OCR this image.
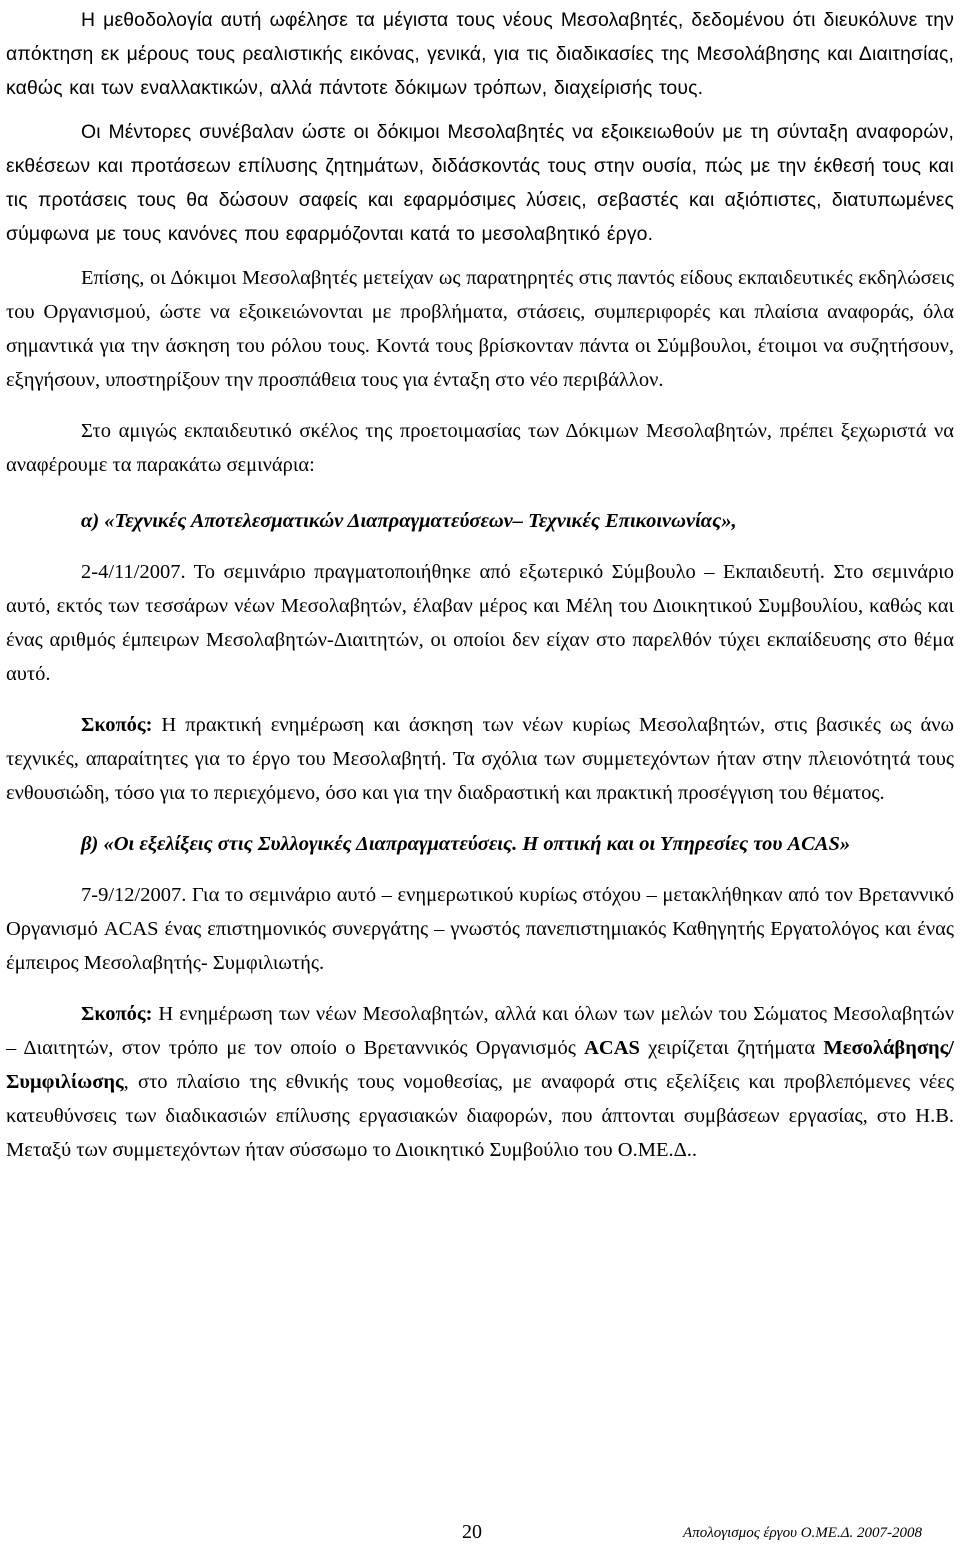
Η μεθοδολογία αυτή ωφέλησε τα μέγιστα τους νέους Μεσολαβητές, δεδομένου ότι διευκόλυνε την απόκτηση εκ μέρους τους ρεαλιστικής εικόνας, γενικά, για τις διαδικασίες της Μεσολάβησης και Διαιτησίας, καθώς και των εναλλακτικών, αλλά πάντοτε δόκιμων τρόπων, διαχείρισής τους.

Οι Μέντορες συνέβαλαν ώστε οι δόκιμοι Μεσολαβητές να εξοικειωθούν με τη σύνταξη αναφορών, εκθέσεων και προτάσεων επίλυσης ζητημάτων, διδάσκοντάς τους στην ουσία, πώς με την έκθεσή τους και τις προτάσεις τους θα δώσουν σαφείς και εφαρμόσιμες λύσεις, σεβαστές και αξιόπιστες, διατυπωμένες σύμφωνα με τους κανόνες που εφαρμόζονται κατά το μεσολαβητικό έργο.

Επίσης, οι Δόκιμοι Μεσολαβητές μετείχαν ως παρατηρητές στις παντός είδους εκπαιδευτικές εκδηλώσεις του Οργανισμού, ώστε να εξοικειώνονται με προβλήματα, στάσεις, συμπεριφορές και πλαίσια αναφοράς, όλα σημαντικά για την άσκηση του ρόλου τους. Κοντά τους βρίσκονταν πάντα οι Σύμβουλοι, έτοιμοι να συζητήσουν, εξηγήσουν, υποστηρίξουν την προσπάθεια τους για ένταξη στο νέο περιβάλλον.

Στο αμιγώς εκπαιδευτικό σκέλος της προετοιμασίας των Δόκιμων Μεσολαβητών, πρέπει ξεχωριστά να αναφέρουμε τα παρακάτω σεμινάρια:

α) «Τεχνικές Αποτελεσματικών Διαπραγματεύσεων– Τεχνικές Επικοινωνίας»,

2-4/11/2007. Το σεμινάριο πραγματοποιήθηκε από εξωτερικό Σύμβουλο – Εκπαιδευτή. Στο σεμινάριο αυτό, εκτός των τεσσάρων νέων Μεσολαβητών, έλαβαν μέρος και Μέλη του Διοικητικού Συμβουλίου, καθώς και ένας αριθμός έμπειρων Μεσολαβητών-Διαιτητών, οι οποίοι δεν είχαν στο παρελθόν τύχει εκπαίδευσης στο θέμα αυτό.

Σκοπός: Η πρακτική ενημέρωση και άσκηση των νέων κυρίως Μεσολαβητών, στις βασικές ως άνω τεχνικές, απαραίτητες για το έργο του Μεσολαβητή. Τα σχόλια των συμμετεχόντων ήταν στην πλειονότητά τους ενθουσιώδη, τόσο για το περιεχόμενο, όσο και για την διαδραστική και πρακτική προσέγγιση του θέματος.

β) «Οι εξελίξεις στις Συλλογικές Διαπραγματεύσεις. Η οπτική και οι Υπηρεσίες του ACAS»

7-9/12/2007. Για το σεμινάριο αυτό – ενημερωτικού κυρίως στόχου – μετακλήθηκαν από τον Βρεταννικό Οργανισμό ACAS ένας επιστημονικός συνεργάτης – γνωστός πανεπιστημιακός Καθηγητής Εργατολόγος και ένας έμπειρος Μεσολαβητής- Συμφιλιωτής.

Σκοπός: Η ενημέρωση των νέων Μεσολαβητών, αλλά και όλων των μελών του Σώματος Μεσολαβητών – Διαιτητών, στον τρόπο με τον οποίο ο Βρεταννικός Οργανισμός ACAS χειρίζεται ζητήματα Μεσολάβησης/Συμφιλίωσης, στο πλαίσιο της εθνικής τους νομοθεσίας, με αναφορά στις εξελίξεις και προβλεπόμενες νέες κατευθύνσεις των διαδικασιών επίλυσης εργασιακών διαφορών, που άπτονται συμβάσεων εργασίας, στο Η.Β. Μεταξύ των συμμετεχόντων ήταν σύσσωμο το Διοικητικό Συμβούλιο του Ο.ΜΕ.Δ..

20	Απολογισμος έργου Ο.ΜΕ.Δ. 2007-2008
